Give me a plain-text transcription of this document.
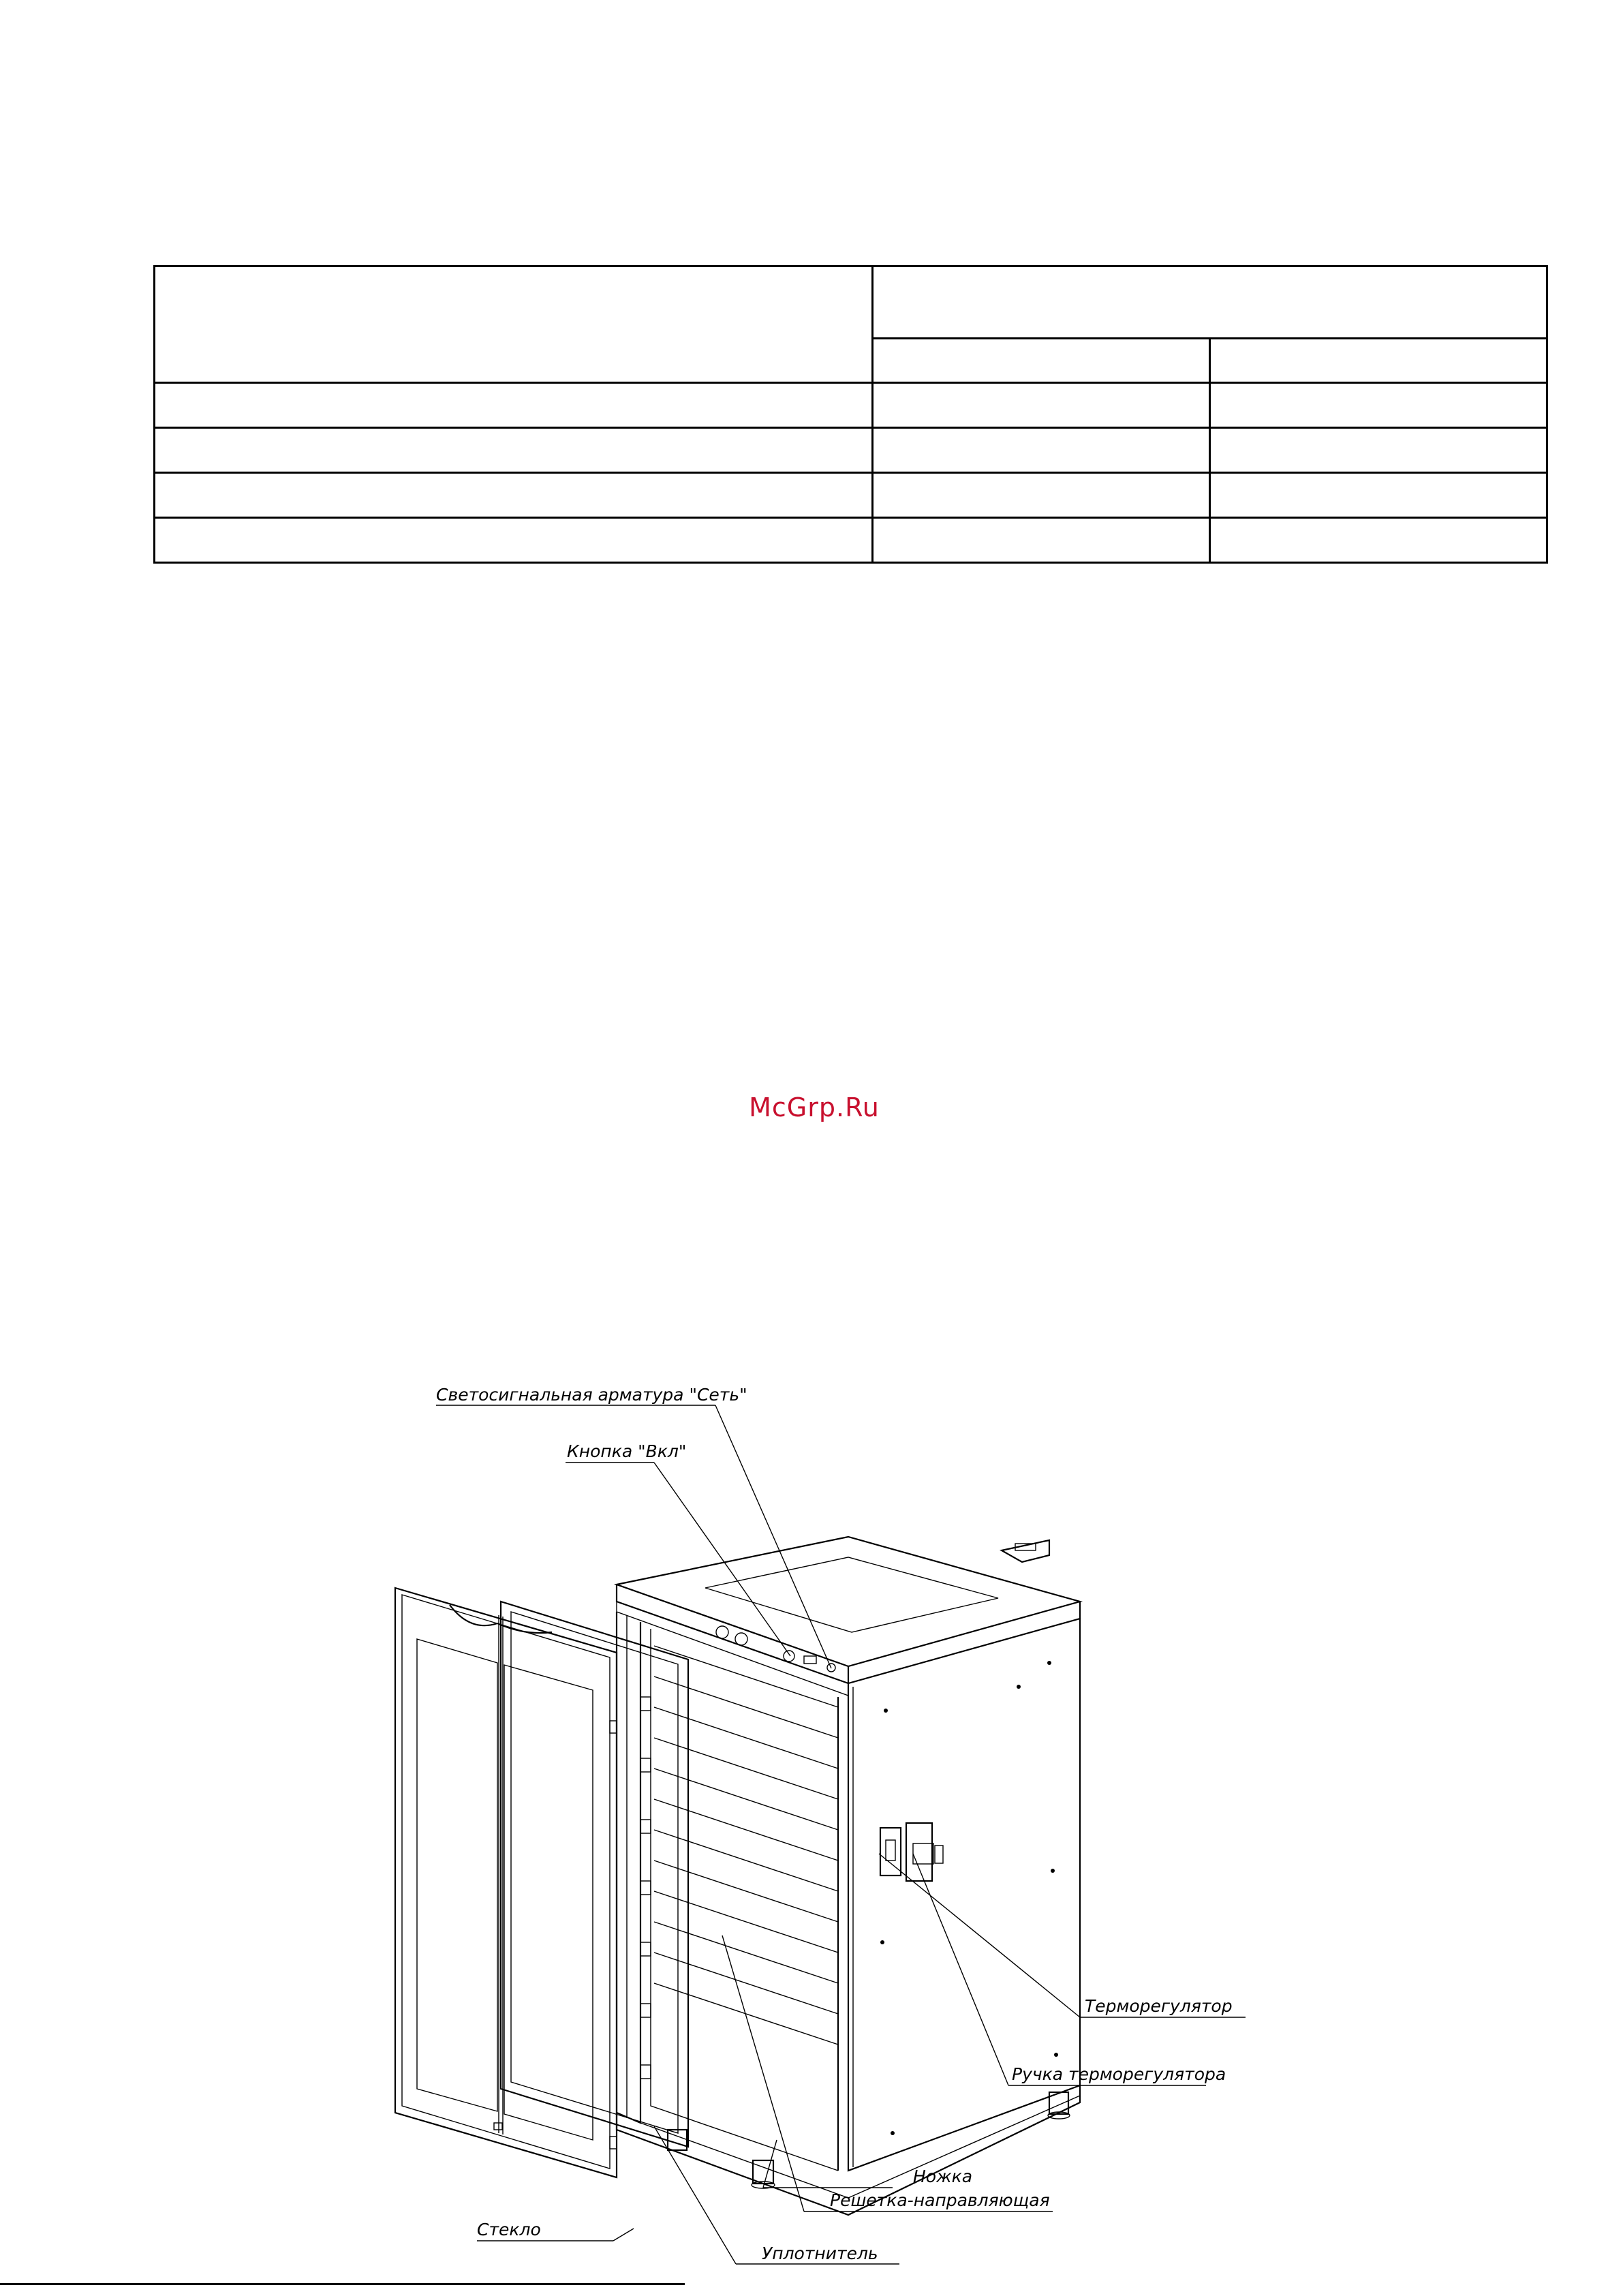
McGrp.Ru
Светосигнальная арматура "Сеть"
Кнопка "Вкл"
Терморегулятор
Ручка терморегулятора
Ножка
Решетка-направляющая
Стекло
Уплотнитель
